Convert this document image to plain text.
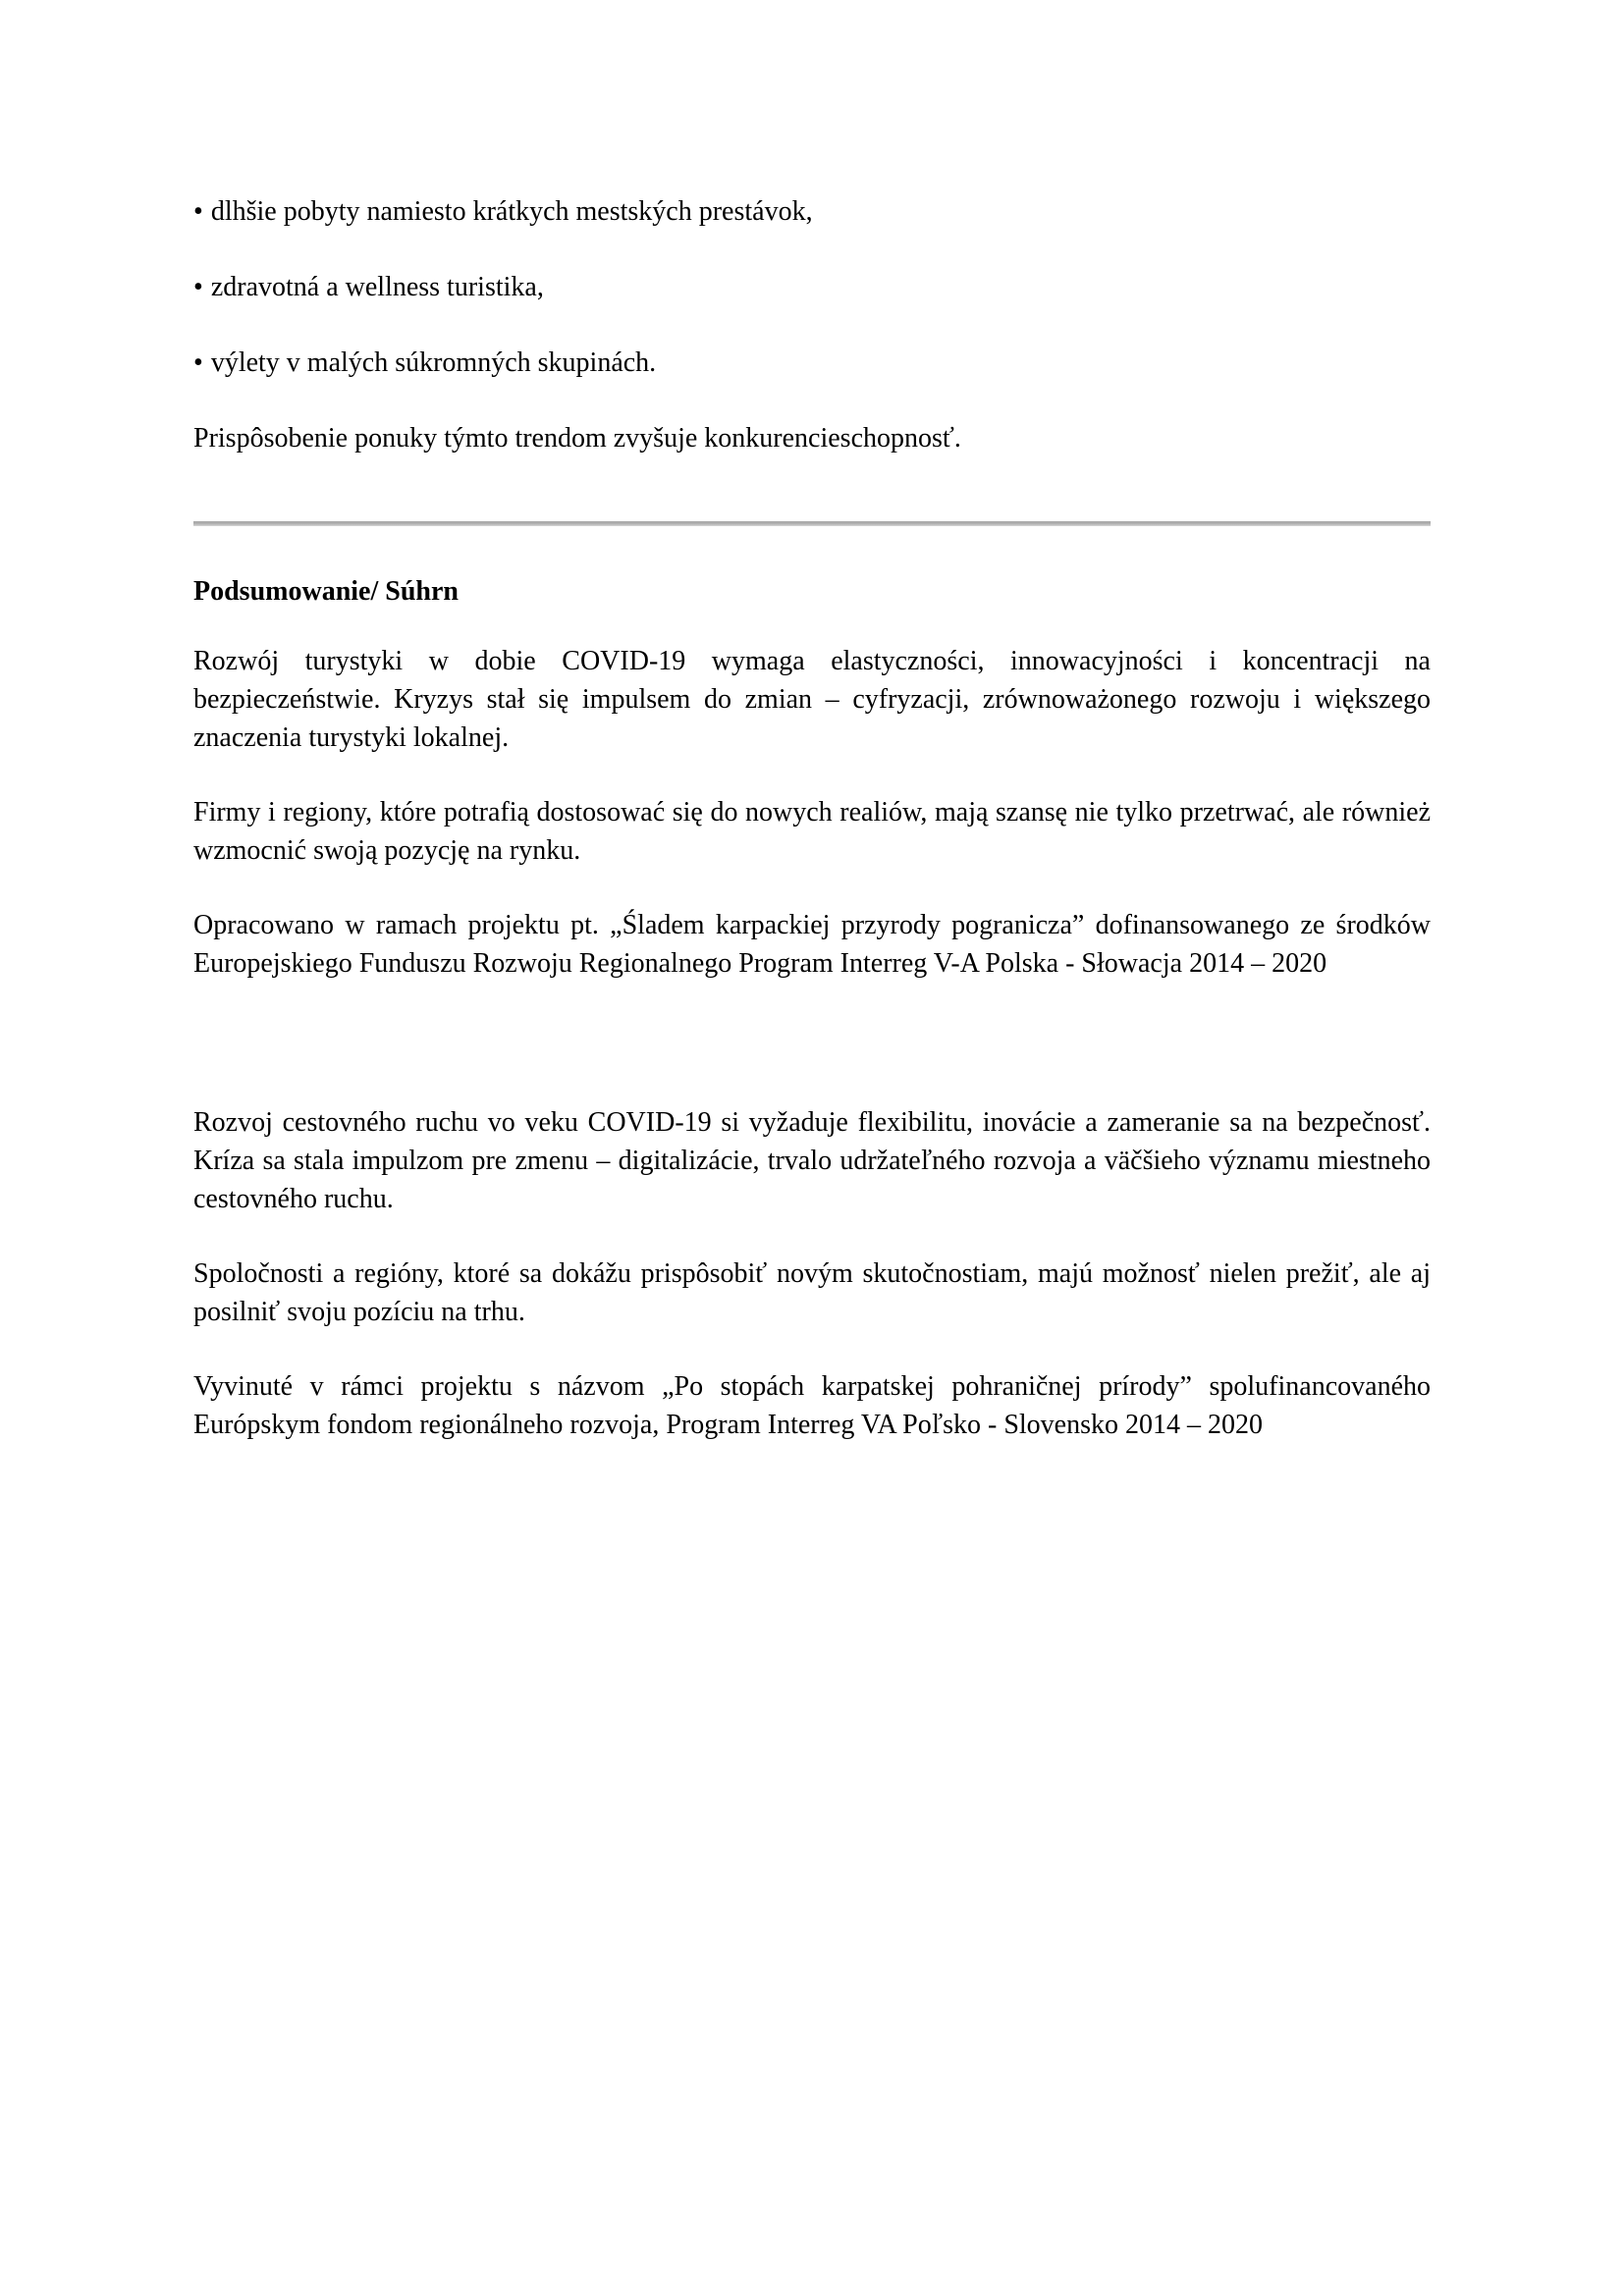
• dlhšie pobyty namiesto krátkych mestských prestávok,

• zdravotná a wellness turistika,

• výlety v malých súkromných skupinách.

Prispôsobenie ponuky týmto trendom zvyšuje konkurencieschopnosť.

Podsumowanie/ Súhrn

Rozwój turystyki w dobie COVID-19 wymaga elastyczności, innowacyjności i koncentracji na bezpieczeństwie. Kryzys stał się impulsem do zmian – cyfryzacji, zrównoważonego rozwoju i większego znaczenia turystyki lokalnej.

Firmy i regiony, które potrafią dostosować się do nowych realiów, mają szansę nie tylko przetrwać, ale również wzmocnić swoją pozycję na rynku.

Opracowano w ramach projektu pt. „Śladem karpackiej przyrody pogranicza” dofinansowanego ze środków Europejskiego Funduszu Rozwoju Regionalnego Program Interreg V-A Polska - Słowacja 2014 – 2020

Rozvoj cestovného ruchu vo veku COVID-19 si vyžaduje flexibilitu, inovácie a zameranie sa na bezpečnosť. Kríza sa stala impulzom pre zmenu – digitalizácie, trvalo udržateľného rozvoja a väčšieho významu miestneho cestovného ruchu.

Spoločnosti a regióny, ktoré sa dokážu prispôsobiť novým skutočnostiam, majú možnosť nielen prežiť, ale aj posilniť svoju pozíciu na trhu.

Vyvinuté v rámci projektu s názvom „Po stopách karpatskej pohraničnej prírody” spolufinancovaného Európskym fondom regionálneho rozvoja, Program Interreg VA Poľsko - Slovensko 2014 – 2020
